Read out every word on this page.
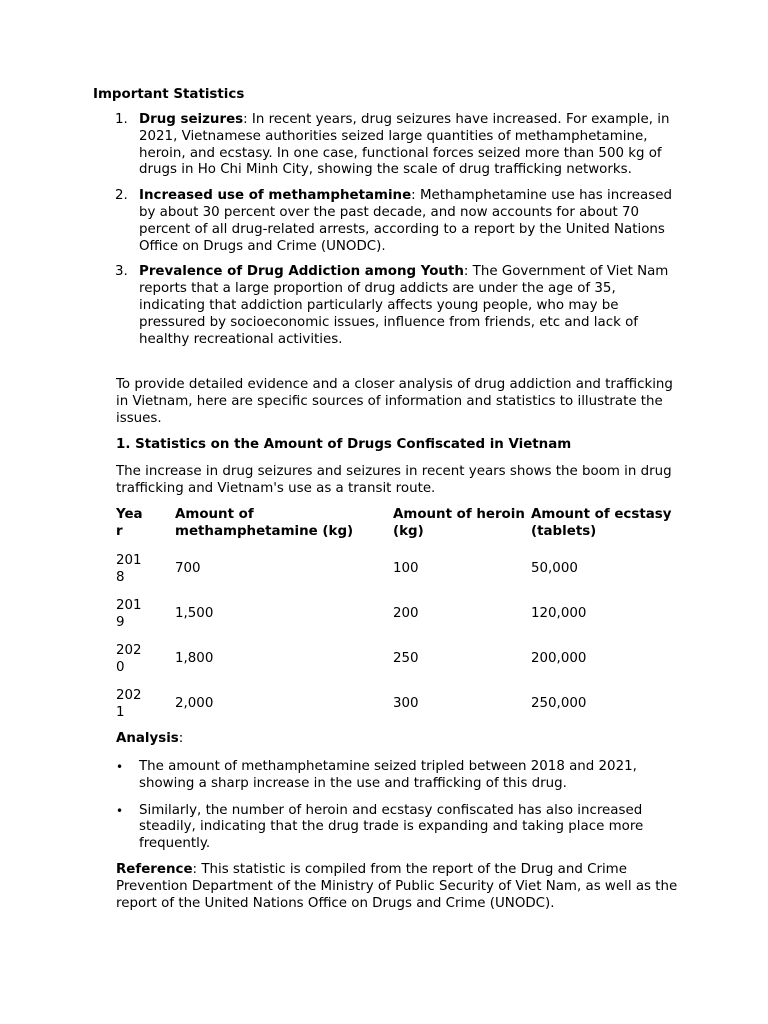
Important Statistics

1. Drug seizures: In recent years, drug seizures have increased. For example, in 2021, Vietnamese authorities seized large quantities of methamphetamine, heroin, and ecstasy. In one case, functional forces seized more than 500 kg of drugs in Ho Chi Minh City, showing the scale of drug trafficking networks.
2. Increased use of methamphetamine: Methamphetamine use has increased by about 30 percent over the past decade, and now accounts for about 70 percent of all drug-related arrests, according to a report by the United Nations Office on Drugs and Crime (UNODC).
3. Prevalence of Drug Addiction among Youth: The Government of Viet Nam reports that a large proportion of drug addicts are under the age of 35, indicating that addiction particularly affects young people, who may be pressured by socioeconomic issues, influence from friends, etc and lack of healthy recreational activities.

To provide detailed evidence and a closer analysis of drug addiction and trafficking in Vietnam, here are specific sources of information and statistics to illustrate the issues.

1. Statistics on the Amount of Drugs Confiscated in Vietnam

The increase in drug seizures and seizures in recent years shows the boom in drug trafficking and Vietnam's use as a transit route.

Year	Amount of methamphetamine (kg)	Amount of heroin (kg)	Amount of ecstasy (tablets)
2018	700	100	50,000
2019	1,500	200	120,000
2020	1,800	250	200,000
2021	2,000	300	250,000

Analysis:

• The amount of methamphetamine seized tripled between 2018 and 2021, showing a sharp increase in the use and trafficking of this drug.
• Similarly, the number of heroin and ecstasy confiscated has also increased steadily, indicating that the drug trade is expanding and taking place more frequently.

Reference: This statistic is compiled from the report of the Drug and Crime Prevention Department of the Ministry of Public Security of Viet Nam, as well as the report of the United Nations Office on Drugs and Crime (UNODC).
